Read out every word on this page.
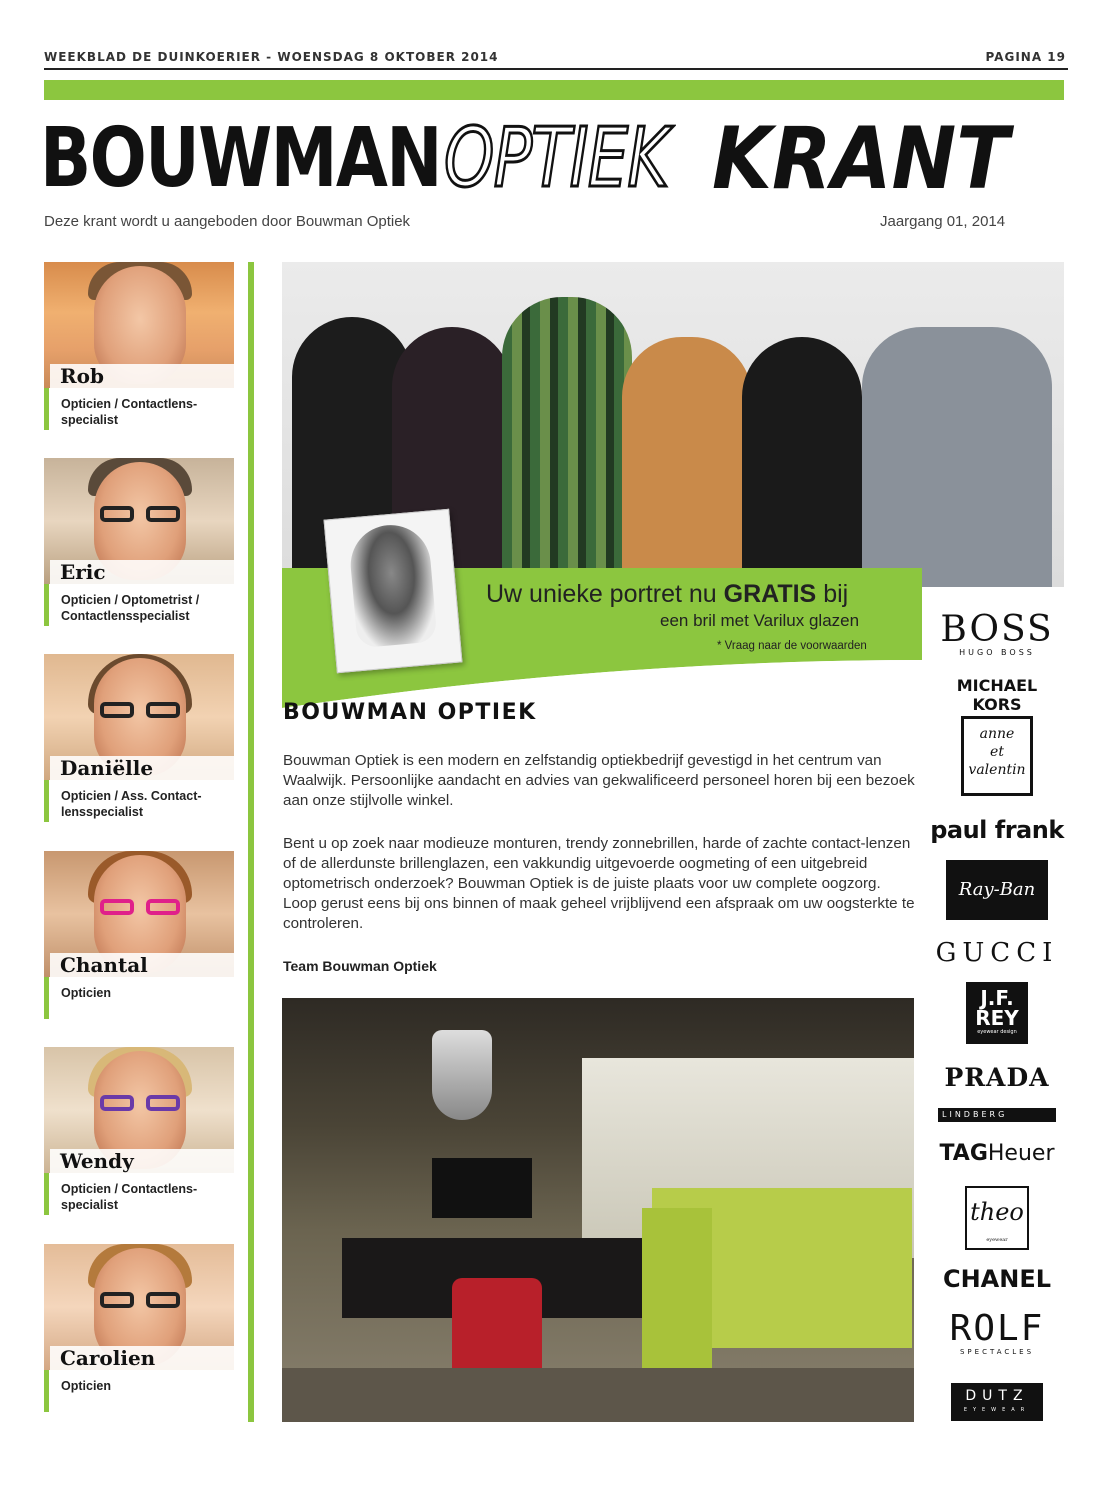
WEEKBLAD DE DUINKOERIER - WOENSDAG 8 OKTOBER 2014	PAGINA 19
BOUWMAN OPTIEK KRANT
Deze krant wordt u aangeboden door Bouwman Optiek	Jaargang 01, 2014
Rob
Opticien / Contactlens-specialist
Eric
Opticien / Optometrist / Contactlensspecialist
Daniëlle
Opticien / Ass. Contact-lensspecialist
Chantal
Opticien
Wendy
Opticien / Contactlens-specialist
Carolien
Opticien
Uw unieke portret nu GRATIS bij
een bril met Varilux glazen
* Vraag naar de voorwaarden
BOUWMAN OPTIEK
Bouwman Optiek is een modern en zelfstandig optiekbedrijf gevestigd in het centrum van Waalwijk. Persoonlijke aandacht en advies van gekwalificeerd personeel horen bij een bezoek aan onze stijlvolle winkel.
Bent u op zoek naar modieuze monturen, trendy zonnebrillen, harde of zachte contact-lenzen of de allerdunste brillenglazen, een vakkundig uitgevoerde oogmeting of een uitgebreid optometrisch onderzoek? Bouwman Optiek is de juiste plaats voor uw complete oogzorg. Loop gerust eens bij ons binnen of maak geheel vrijblijvend een afspraak om uw oogsterkte te controleren.
Team Bouwman Optiek
BOSS
HUGO BOSS
MICHAEL KORS
anne
et
valentin
paul frank
Ray-Ban
GUCCI
J.F.
REY
eyewear design
PRADA
LINDBERG
TAGHeuer
theo
eyewear
CHANEL
ROLF
SPECTACLES
DUTZ
EYEWEAR
